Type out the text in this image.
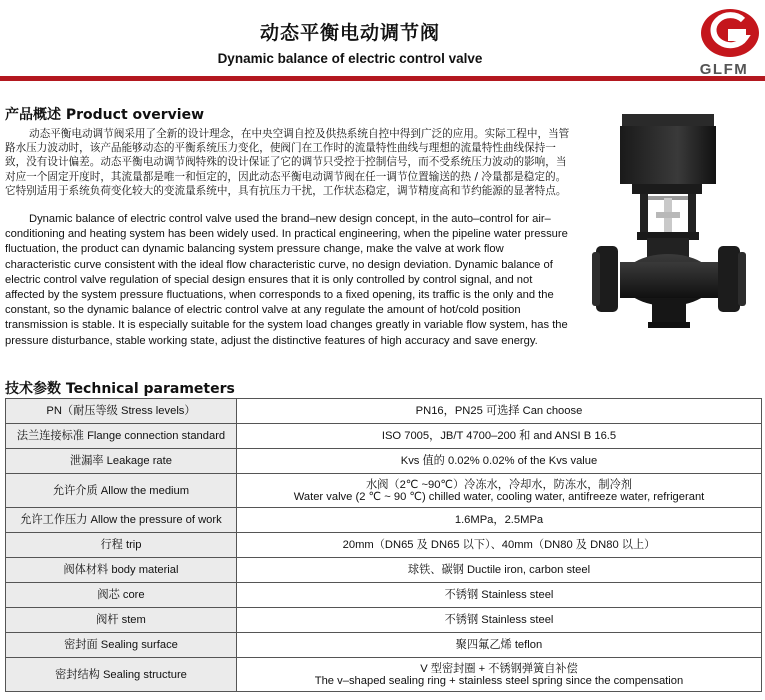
动态平衡电动调节阀
Dynamic balance of electric control valve
GLFM
产品概述 Product overview
动态平衡电动调节阀采用了全新的设计理念，在中央空调自控及供热系统自控中得到广泛的应用。实际工程中，当管路水压力波动时，该产品能够动态的平衡系统压力变化，使阀门在工作时的流量特性曲线与理想的流量特性曲线保持一致，没有设计偏差。动态平衡电动调节阀特殊的设计保证了它的调节只受控于控制信号，而不受系统压力波动的影响，当对应一个固定开度时，其流量都是唯一和恒定的，因此动态平衡电动调节阀在任一调节位置输送的热 / 冷量都是稳定的。它特别适用于系统负荷变化较大的变流量系统中，具有抗压力干扰，工作状态稳定，调节精度高和节约能源的显著特点。
Dynamic balance of electric control valve used the brand–new design concept, in the auto–control for air–conditioning and heating system has been widely used. In practical engineering, when the pipeline water pressure fluctuation, the product can dynamic balancing system pressure change, make the valve at work flow characteristic curve consistent with the ideal flow characteristic curve, no design deviation. Dynamic balance of electric control valve regulation of special design ensures that it is only controlled by control signal, and not affected by the system pressure fluctuations, when corresponds to a fixed opening, its traffic is the only and the constant, so the dynamic balance of electric control valve at any regulate the amount of hot/cold position transmission is stable. It is especially suitable for the system load changes greatly in variable flow system, has the pressure disturbance, stable working state, adjust the distinctive features of high accuracy and save energy.
技术参数 Technical parameters
PN（耐压等级 Stress levels）	PN16，PN25 可选择 Can choose
法兰连接标准 Flange connection standard	ISO 7005，JB/T 4700–200 和 and ANSI B 16.5
泄漏率 Leakage rate	Kvs 值的 0.02% 0.02% of the Kvs value
允许介质 Allow the medium	水阀（2℃ ~90℃）冷冻水，冷却水，防冻水，制冷剂
Water valve (2 ℃ ~ 90 ℃) chilled water, cooling water, antifreeze water, refrigerant

允许工作压力 Allow the pressure of work	1.6MPa，2.5MPa
行程 trip	20mm（DN65 及 DN65 以下）、40mm（DN80 及 DN80 以上）
阀体材料 body material	球铁、碳钢 Ductile iron, carbon steel
阀芯 core	不锈钢 Stainless steel
阀杆 stem	不锈钢 Stainless steel
密封面 Sealing surface	聚四氟乙烯 teflon
密封结构 Sealing structure	V 型密封圈 + 不锈钢弹簧自补偿
The v–shaped sealing ring + stainless steel spring since the compensation
